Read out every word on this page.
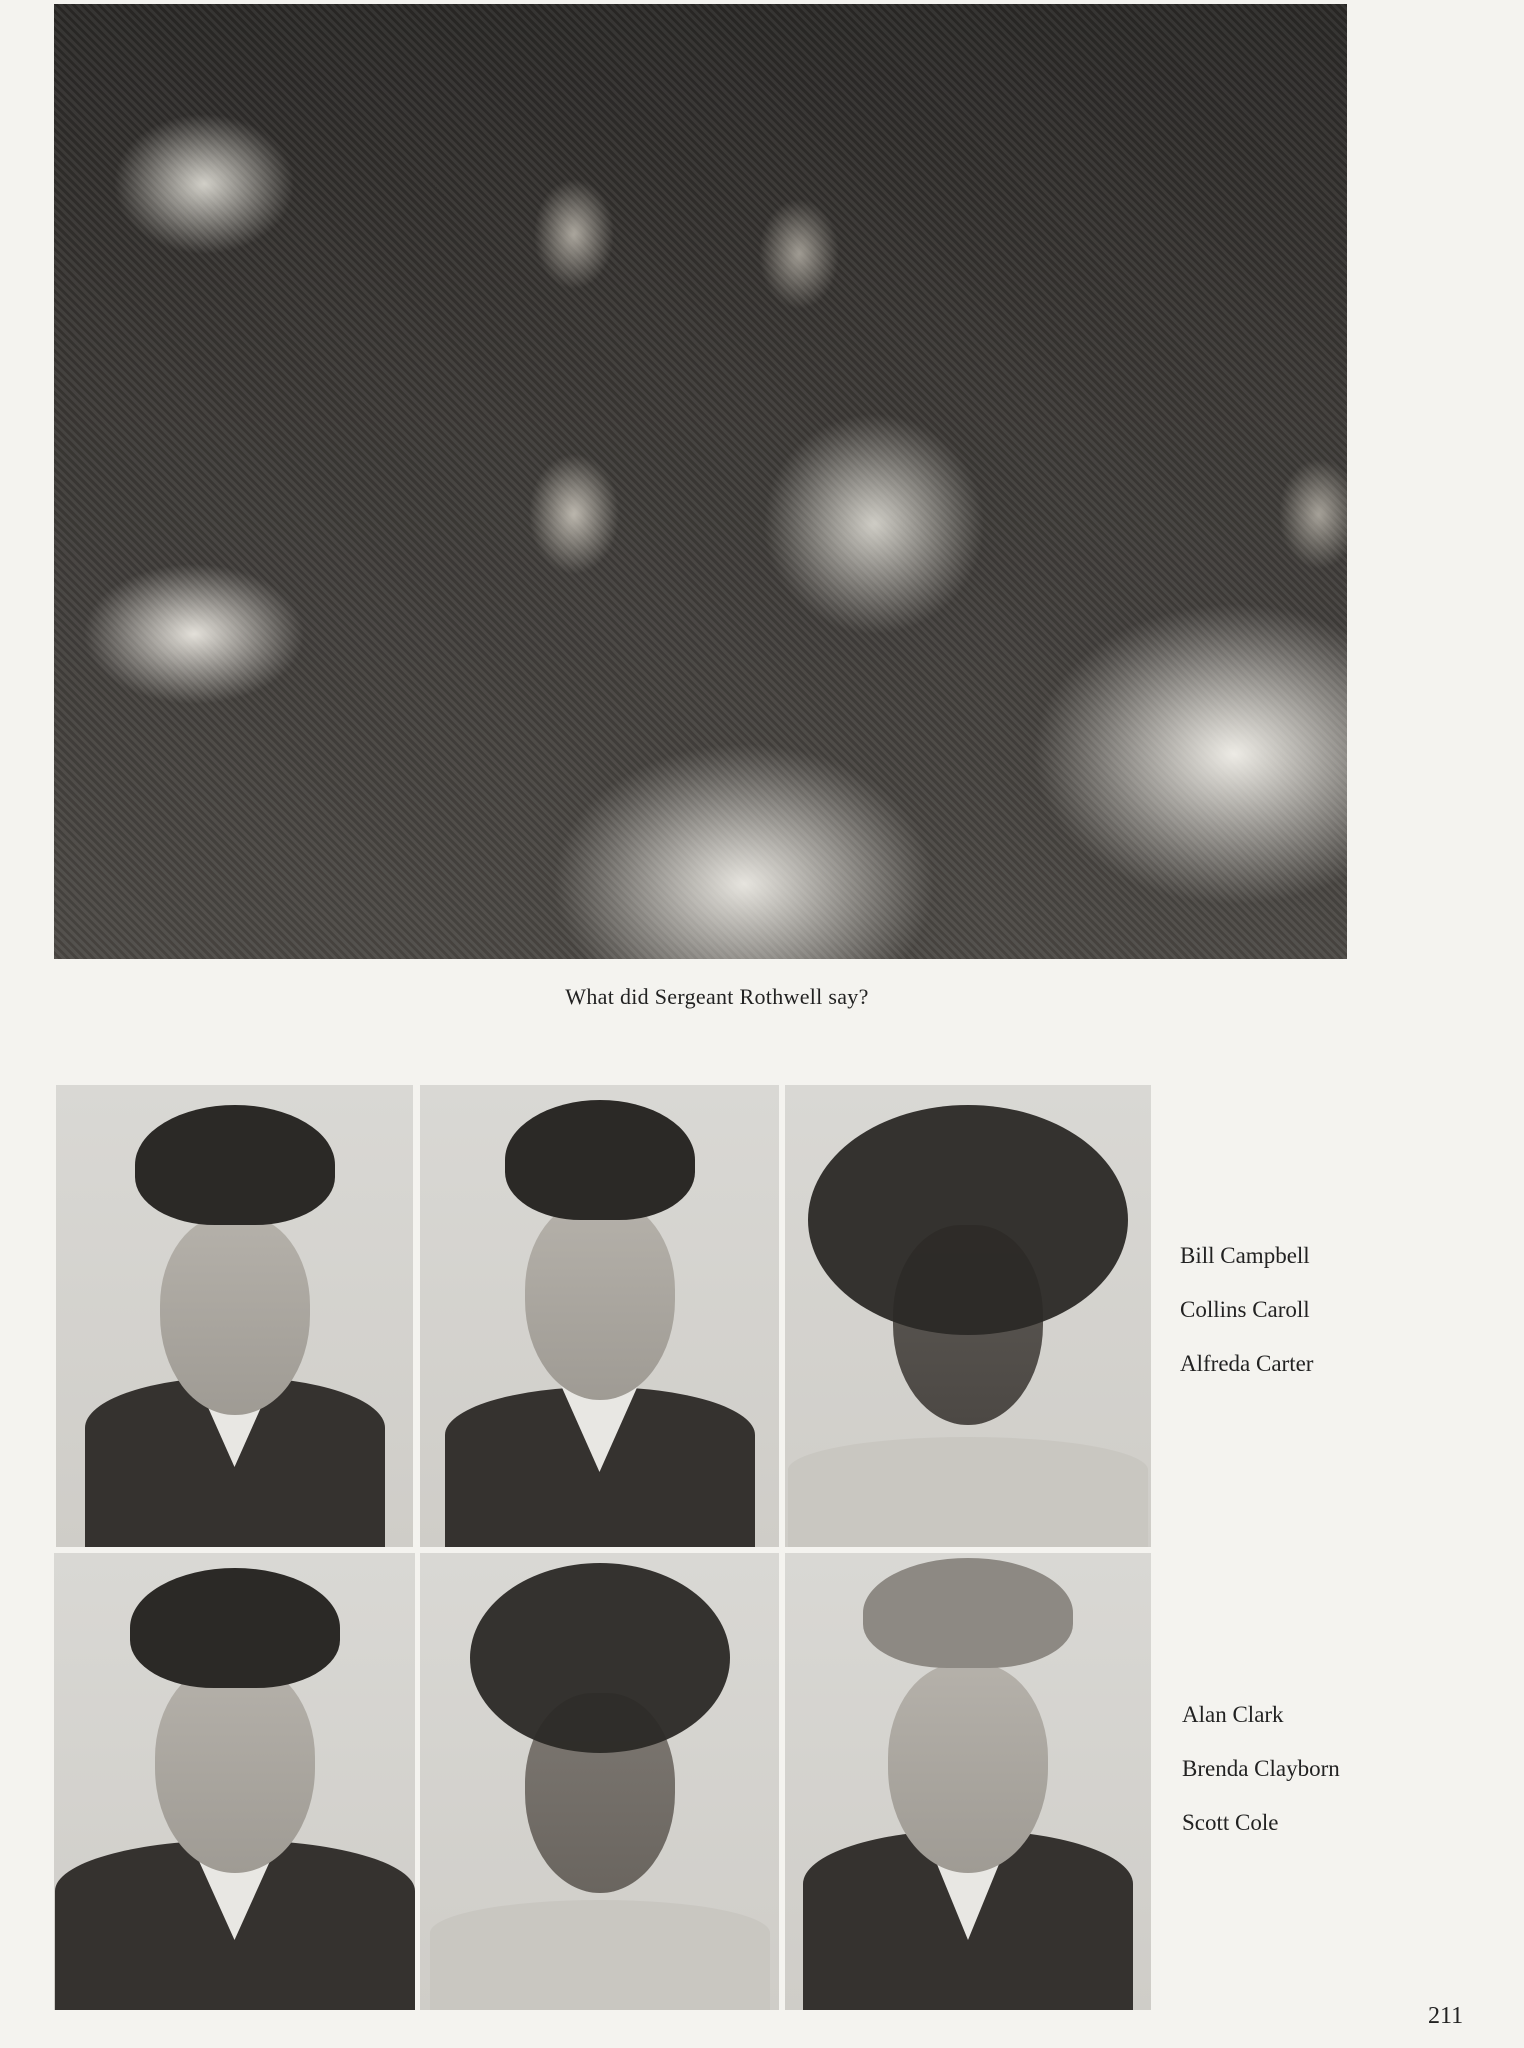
What did Sergeant Rothwell say?
Bill Campbell
Collins Caroll
Alfreda Carter
Alan Clark
Brenda Clayborn
Scott Cole
211
